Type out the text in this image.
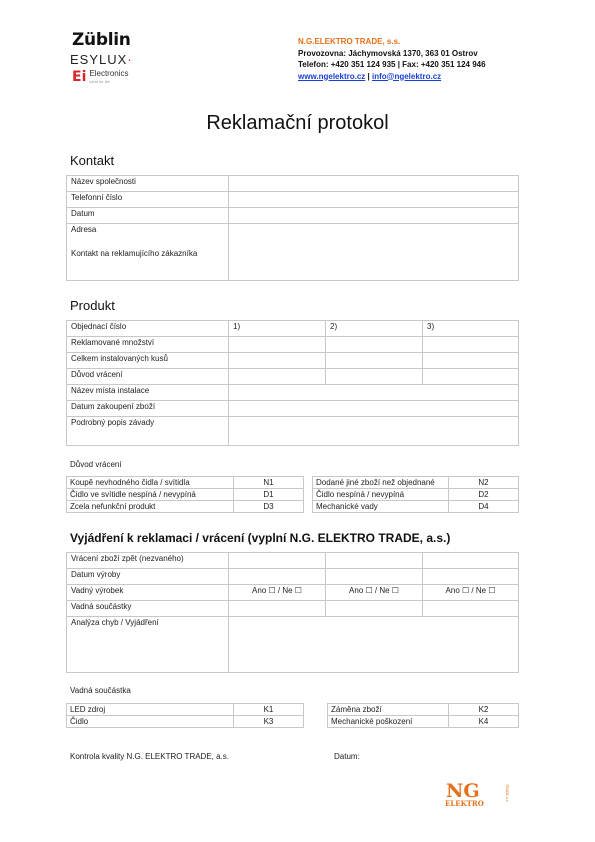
Züblin
ESYLUX·
Ei Electronics
ideal for life
N.G.ELEKTRO TRADE, s.s.
Provozovna: Jáchymovská 1370, 363 01 Ostrov
Telefon: +420 351 124 935 | Fax: +420 351 124 946
www.ngelektro.cz | info@ngelektro.cz
Reklamační protokol
Kontakt
Název společnosti	
Telefonní číslo	
Datum	

Adresa
Kontakt na reklamujícího zákazníka	

Produkt
Objednací číslo	1)	2)	3)
Reklamované množství			
Celkem instalovaných kusů			
Důvod vrácení			
Název místa instalace			
Datum zakoupení zboží			
Podrobný popis závady			
Důvod vrácení
Koupě nevhodného čidla / svítidla	N1
Čidlo ve svítidle nespíná / nevypíná	D1
Zcela nefunkční produkt	D3
Dodané jiné zboží než objednané	N2
Čidlo nespíná / nevypíná	D2
Mechanické vady	D4
Vyjádření k reklamaci / vrácení (vyplní N.G. ELEKTRO TRADE, a.s.)
Vrácení zboží zpět (nezvaného)			
Datum výroby			
Vadný výrobek	Ano ☐ / Ne ☐	Ano ☐ / Ne ☐	Ano ☐ / Ne ☐
Vadná součástky			
Analýza chyb / Vyjádření			
Vadná součástka
LED zdroj	K1
Čidlo	K3
Záměna zboží	K2
Mechanické poškození	K4
Kontrola kvality N.G. ELEKTRO TRADE, a.s.	Datum:
NG
ELEKTRO
TRADE a.s.
